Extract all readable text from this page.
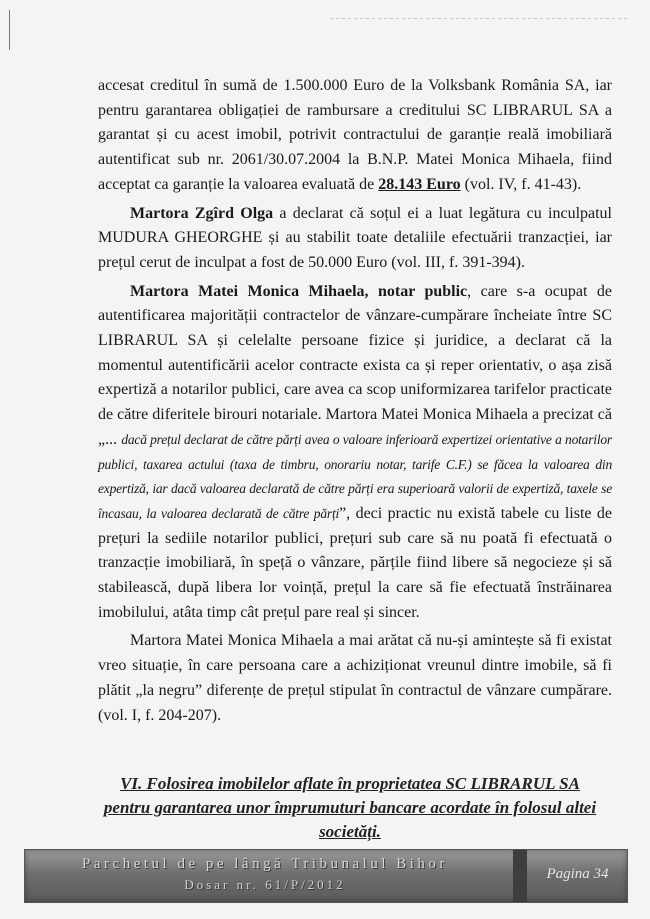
accesat creditul în sumă de 1.500.000 Euro de la Volksbank România SA, iar pentru garantarea obligației de rambursare a creditului SC LIBRARUL SA a garantat și cu acest imobil, potrivit contractului de garanție reală imobiliară autentificat sub nr. 2061/30.07.2004 la B.N.P. Matei Monica Mihaela, fiind acceptat ca garanție la valoarea evaluată de 28.143 Euro (vol. IV, f. 41-43).

Martora Zgîrd Olga a declarat că soțul ei a luat legătura cu inculpatul MUDURA GHEORGHE și au stabilit toate detaliile efectuării tranzacției, iar prețul cerut de inculpat a fost de 50.000 Euro (vol. III, f. 391-394).

Martora Matei Monica Mihaela, notar public, care s-a ocupat de autentificarea majorității contractelor de vânzare-cumpărare încheiate între SC LIBRARUL SA și celelalte persoane fizice și juridice, a declarat că la momentul autentificării acelor contracte exista ca și reper orientativ, o așa zisă expertiză a notarilor publici, care avea ca scop uniformizarea tarifelor practicate de către diferitele birouri notariale. Martora Matei Monica Mihaela a precizat că „... dacă prețul declarat de către părți avea o valoare inferioară expertizei orientative a notarilor publici, taxarea actului (taxa de timbru, onorariu notar, tarife C.F.) se făcea la valoarea din expertiză, iar dacă valoarea declarată de către părți era superioară valorii de expertiză, taxele se încasau, la valoarea declarată de către părți”, deci practic nu există tabele cu liste de prețuri la sediile notarilor publici, prețuri sub care să nu poată fi efectuată o tranzacție imobiliară, în speță o vânzare, părțile fiind libere să negocieze și să stabilească, după libera lor voință, prețul la care să fie efectuată înstrăinarea imobilului, atâta timp cât prețul pare real și sincer.

Martora Matei Monica Mihaela a mai arătat că nu-și amintește să fi existat vreo situație, în care persoana care a achiziționat vreunul dintre imobile, să fi plătit „la negru” diferențe de prețul stipulat în contractul de vânzare cumpărare. (vol. I, f. 204-207).

VI. Folosirea imobilelor aflate în proprietatea SC LIBRARUL SA pentru garantarea unor împrumuturi bancare acordate în folosul altei societăți.
Parchetul de pe lângă Tribunalul Bihor
Dosar nr. 61/P/2012
Pagina 34
